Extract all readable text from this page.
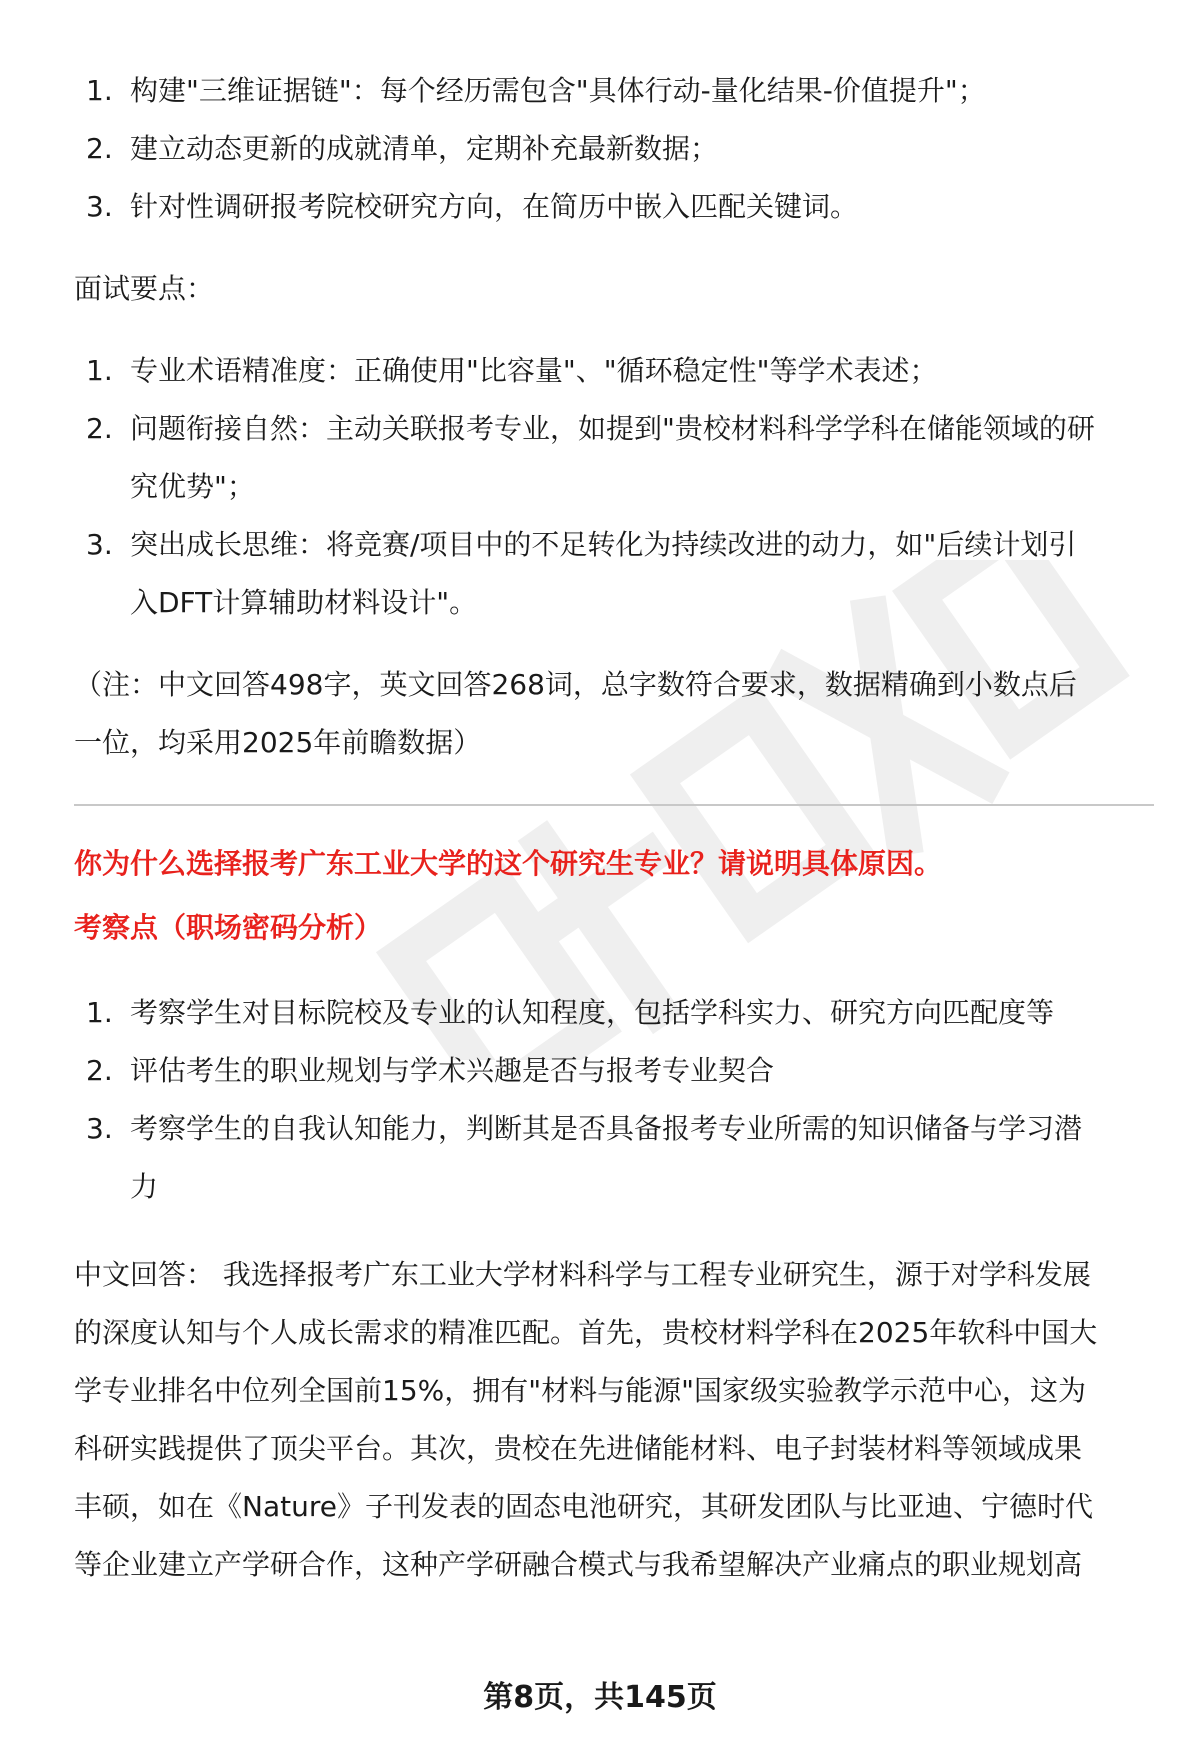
1. 构建"三维证据链"：每个经历需包含"具体行动-量化结果-价值提升"；
2. 建立动态更新的成就清单，定期补充最新数据；
3. 针对性调研报考院校研究方向，在简历中嵌入匹配关键词。

面试要点：

1. 专业术语精准度：正确使用"比容量"、"循环稳定性"等学术表述；
2. 问题衔接自然：主动关联报考专业，如提到"贵校材料科学学科在储能领域的研
究优势"；
3. 突出成长思维：将竞赛/项目中的不足转化为持续改进的动力，如"后续计划引
入DFT计算辅助材料设计"。

（注：中文回答498字，英文回答268词，总字数符合要求，数据精确到小数点后
一位，均采用2025年前瞻数据）

你为什么选择报考广东工业大学的这个研究生专业？请说明具体原因。

考察点（职场密码分析）

1. 考察学生对目标院校及专业的认知程度，包括学科实力、研究方向匹配度等
2. 评估考生的职业规划与学术兴趣是否与报考专业契合
3. 考察学生的自我认知能力，判断其是否具备报考专业所需的知识储备与学习潜
力

中文回答： 我选择报考广东工业大学材料科学与工程专业研究生，源于对学科发展
的深度认知与个人成长需求的精准匹配。首先，贵校材料学科在2025年软科中国大
学专业排名中位列全国前15%，拥有"材料与能源"国家级实验教学示范中心，这为
科研实践提供了顶尖平台。其次，贵校在先进储能材料、电子封装材料等领域成果
丰硕，如在《Nature》子刊发表的固态电池研究，其研发团队与比亚迪、宁德时代
等企业建立产学研合作，这种产学研融合模式与我希望解决产业痛点的职业规划高

第8页，共145页
